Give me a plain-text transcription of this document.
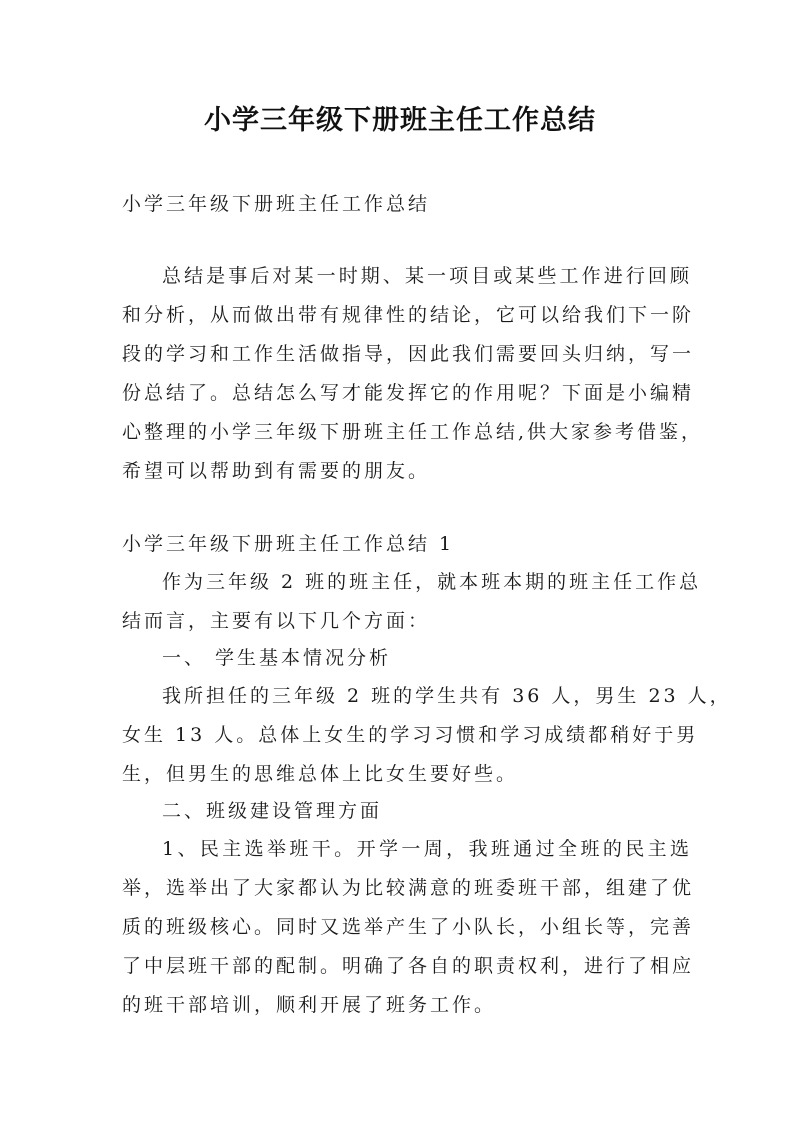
小学三年级下册班主任工作总结
小学三年级下册班主任工作总结
总结是事后对某一时期、某一项目或某些工作进行回顾
和分析，从而做出带有规律性的结论，它可以给我们下一阶
段的学习和工作生活做指导，因此我们需要回头归纳，写一
份总结了。总结怎么写才能发挥它的作用呢？下面是小编精
心整理的小学三年级下册班主任工作总结,供大家参考借鉴，
希望可以帮助到有需要的朋友。
小学三年级下册班主任工作总结 1
作为三年级 2 班的班主任，就本班本期的班主任工作总
结而言，主要有以下几个方面：
一、 学生基本情况分析
我所担任的三年级 2 班的学生共有 36 人，男生 23 人，
女生 13 人。总体上女生的学习习惯和学习成绩都稍好于男
生，但男生的思维总体上比女生要好些。
二、班级建设管理方面
1、民主选举班干。开学一周，我班通过全班的民主选
举，选举出了大家都认为比较满意的班委班干部，组建了优
质的班级核心。同时又选举产生了小队长，小组长等，完善
了中层班干部的配制。明确了各自的职责权利，进行了相应
的班干部培训，顺利开展了班务工作。
